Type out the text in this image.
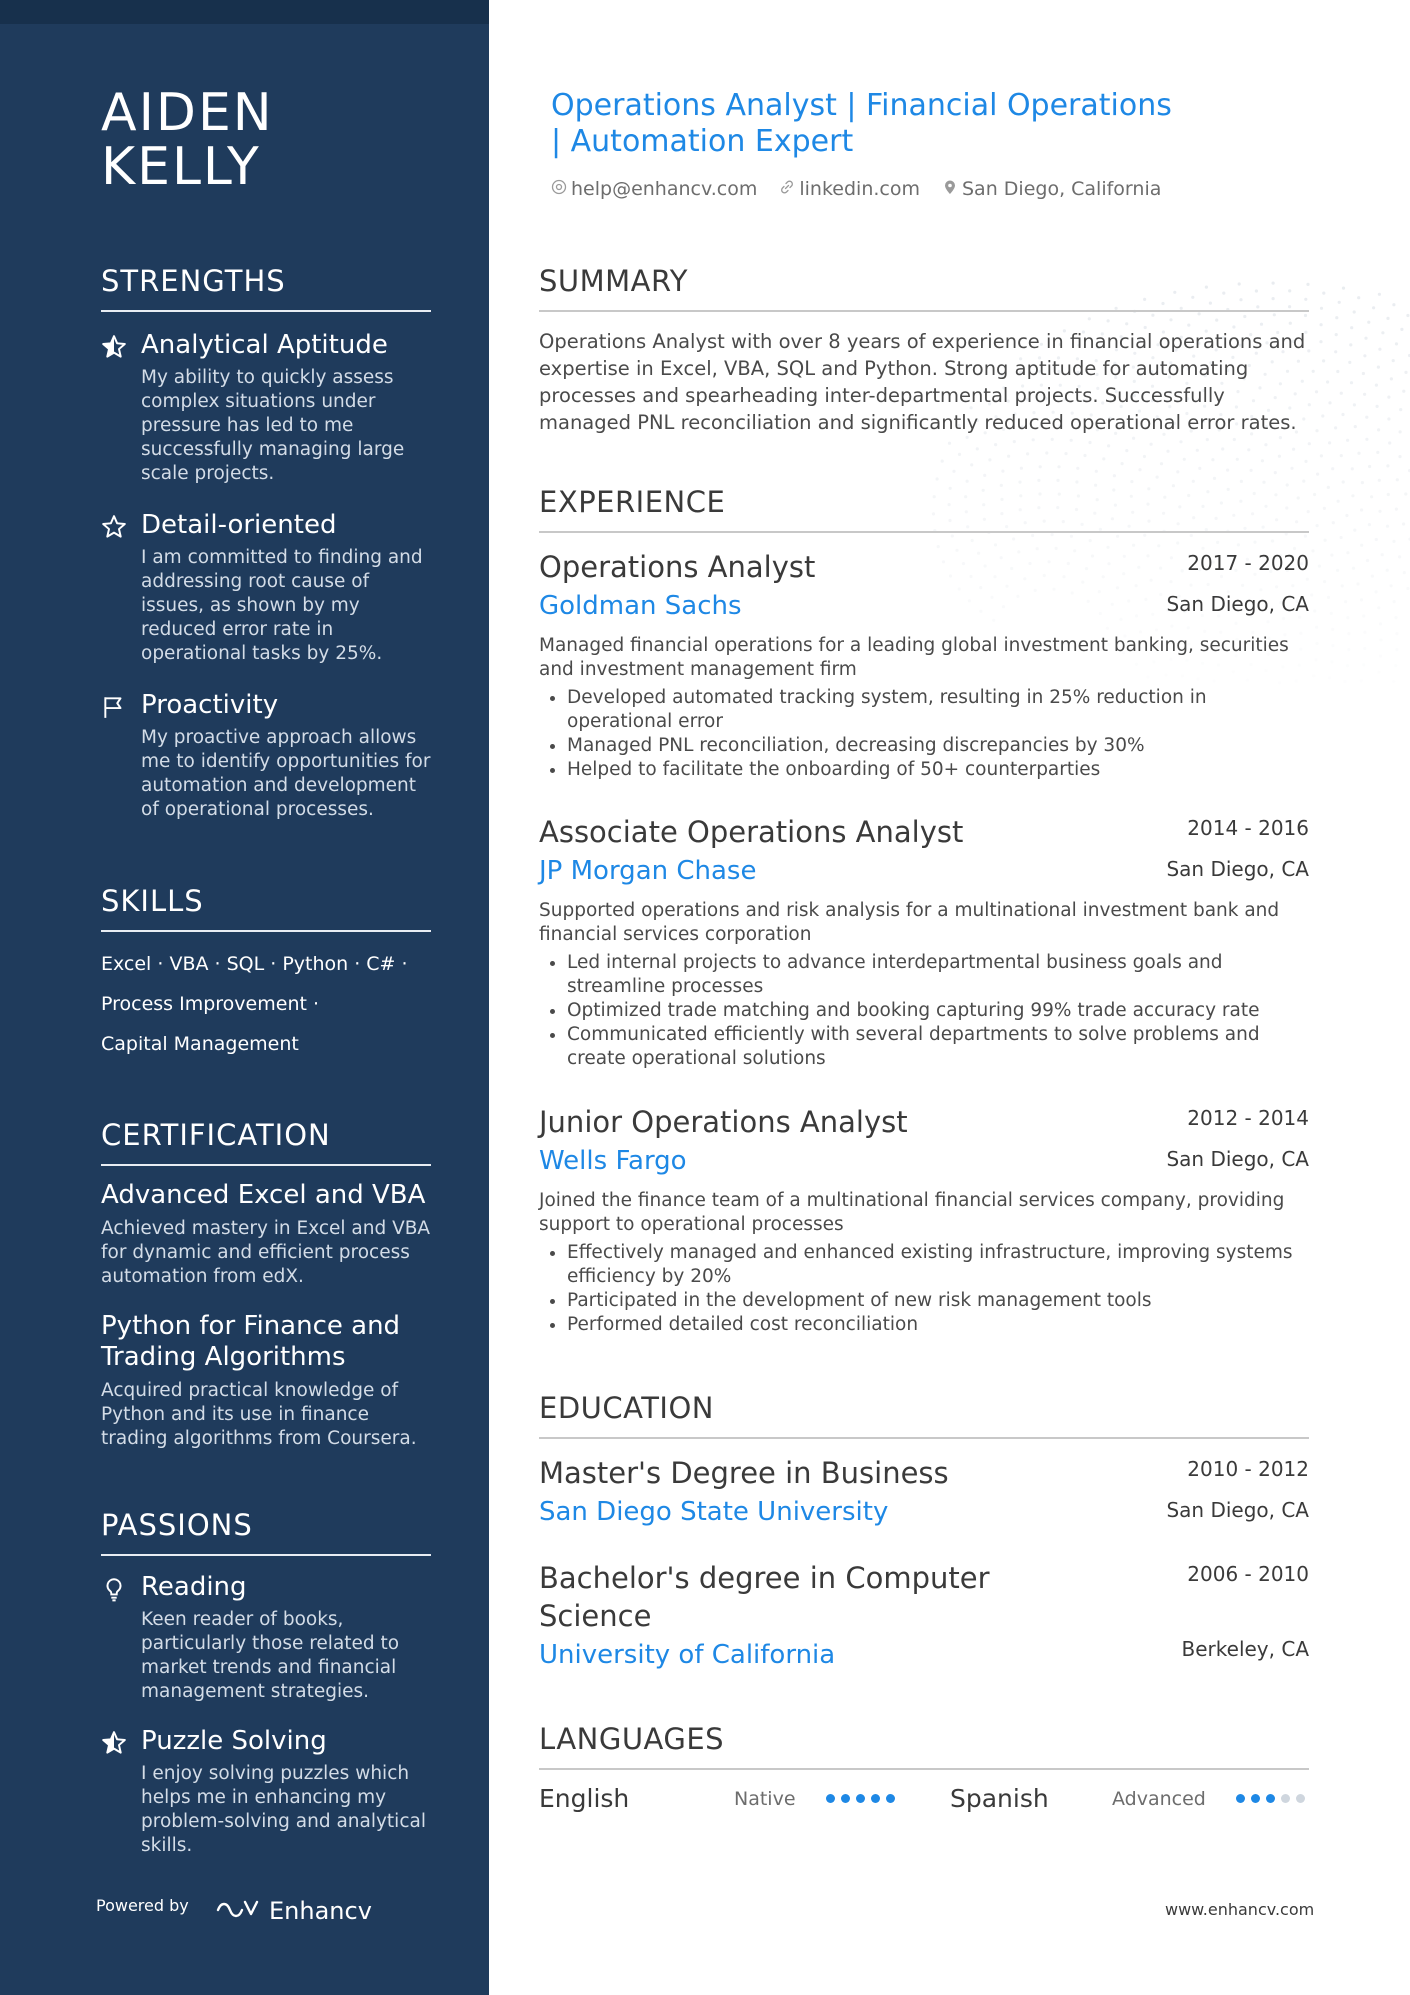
AIDEN KELLY
STRENGTHS
Analytical Aptitude
My ability to quickly assess complex situations under pressure has led to me successfully managing large scale projects.
Detail-oriented
I am committed to finding and addressing root cause of issues, as shown by my reduced error rate in operational tasks by 25%.
Proactivity
My proactive approach allows me to identify opportunities for automation and development of operational processes.
SKILLS
Excel · VBA · SQL · Python · C# ·
Process Improvement ·
Capital Management
CERTIFICATION
Advanced Excel and VBA
Achieved mastery in Excel and VBA for dynamic and efficient process automation from edX.
Python for Finance and Trading Algorithms
Acquired practical knowledge of Python and its use in finance trading algorithms from Coursera.
PASSIONS
Reading
Keen reader of books, particularly those related to market trends and financial management strategies.
Puzzle Solving
I enjoy solving puzzles which helps me in enhancing my problem-solving and analytical skills.
Powered by	Enhancv
Operations Analyst | Financial Operations | Automation Expert
help@enhancv.com linkedin.com San Diego, California
SUMMARY
Operations Analyst with over 8 years of experience in financial operations and expertise in Excel, VBA, SQL and Python. Strong aptitude for automating processes and spearheading inter-departmental projects. Successfully managed PNL reconciliation and significantly reduced operational error rates.
EXPERIENCE
Operations Analyst	2017 - 2020
Goldman Sachs	San Diego, CA
Managed financial operations for a leading global investment banking, securities and investment management firm
• Developed automated tracking system, resulting in 25% reduction in operational error
• Managed PNL reconciliation, decreasing discrepancies by 30%
• Helped to facilitate the onboarding of 50+ counterparties
Associate Operations Analyst	2014 - 2016
JP Morgan Chase	San Diego, CA
Supported operations and risk analysis for a multinational investment bank and financial services corporation
• Led internal projects to advance interdepartmental business goals and streamline processes
• Optimized trade matching and booking capturing 99% trade accuracy rate
• Communicated efficiently with several departments to solve problems and create operational solutions
Junior Operations Analyst	2012 - 2014
Wells Fargo	San Diego, CA
Joined the finance team of a multinational financial services company, providing support to operational processes
• Effectively managed and enhanced existing infrastructure, improving systems efficiency by 20%
• Participated in the development of new risk management tools
• Performed detailed cost reconciliation
EDUCATION
Master's Degree in Business	2010 - 2012
San Diego State University	San Diego, CA
Bachelor's degree in Computer Science
2006 - 2010
University of California	Berkeley, CA
LANGUAGES
English	Native	Spanish	Advanced
www.enhancv.com
